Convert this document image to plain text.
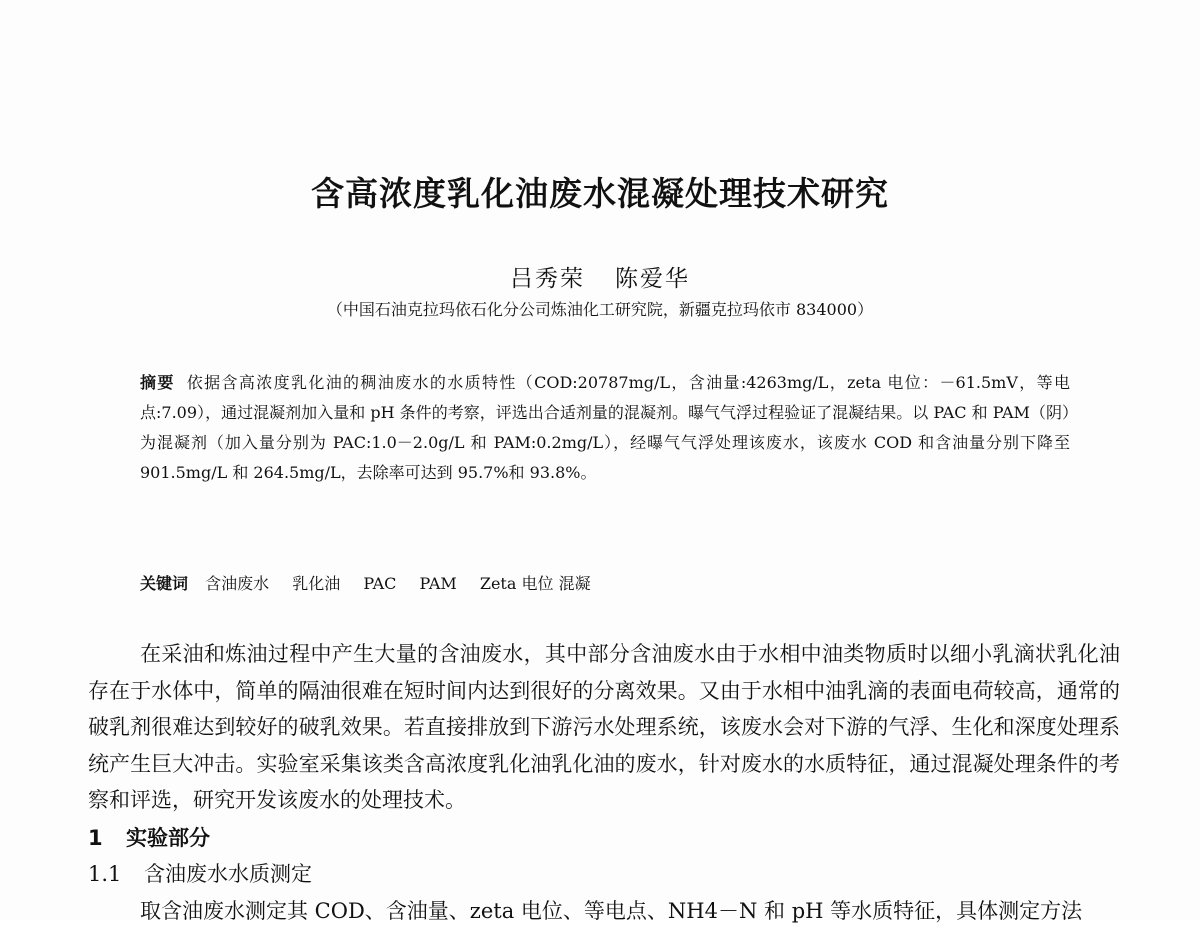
含高浓度乳化油废水混凝处理技术研究
吕秀荣 陈爱华
（中国石油克拉玛依石化分公司炼油化工研究院，新疆克拉玛依市 834000）
摘要 依据含高浓度乳化油的稠油废水的水质特性（COD:20787mg/L，含油量:4263mg/L，zeta 电位：－61.5mV，等电点:7.09），通过混凝剂加入量和 pH 条件的考察，评选出合适剂量的混凝剂。曝气气浮过程验证了混凝结果。以 PAC 和 PAM（阴）为混凝剂（加入量分别为 PAC:1.0－2.0g/L 和 PAM:0.2mg/L），经曝气气浮处理该废水，该废水 COD 和含油量分别下降至 901.5mg/L 和 264.5mg/L，去除率可达到 95.7%和 93.8%。
关键词 含油废水 乳化油 PAC PAM Zeta 电位 混凝
在采油和炼油过程中产生大量的含油废水，其中部分含油废水由于水相中油类物质时以细小乳滴状乳化油存在于水体中，简单的隔油很难在短时间内达到很好的分离效果。又由于水相中油乳滴的表面电荷较高，通常的破乳剂很难达到较好的破乳效果。若直接排放到下游污水处理系统，该废水会对下游的气浮、生化和深度处理系统产生巨大冲击。实验室采集该类含高浓度乳化油乳化油的废水，针对废水的水质特征，通过混凝处理条件的考察和评选，研究开发该废水的处理技术。
1 实验部分
1.1 含油废水水质测定
取含油废水测定其 COD、含油量、zeta 电位、等电点、NH4－N 和 pH 等水质特征，具体测定方法
